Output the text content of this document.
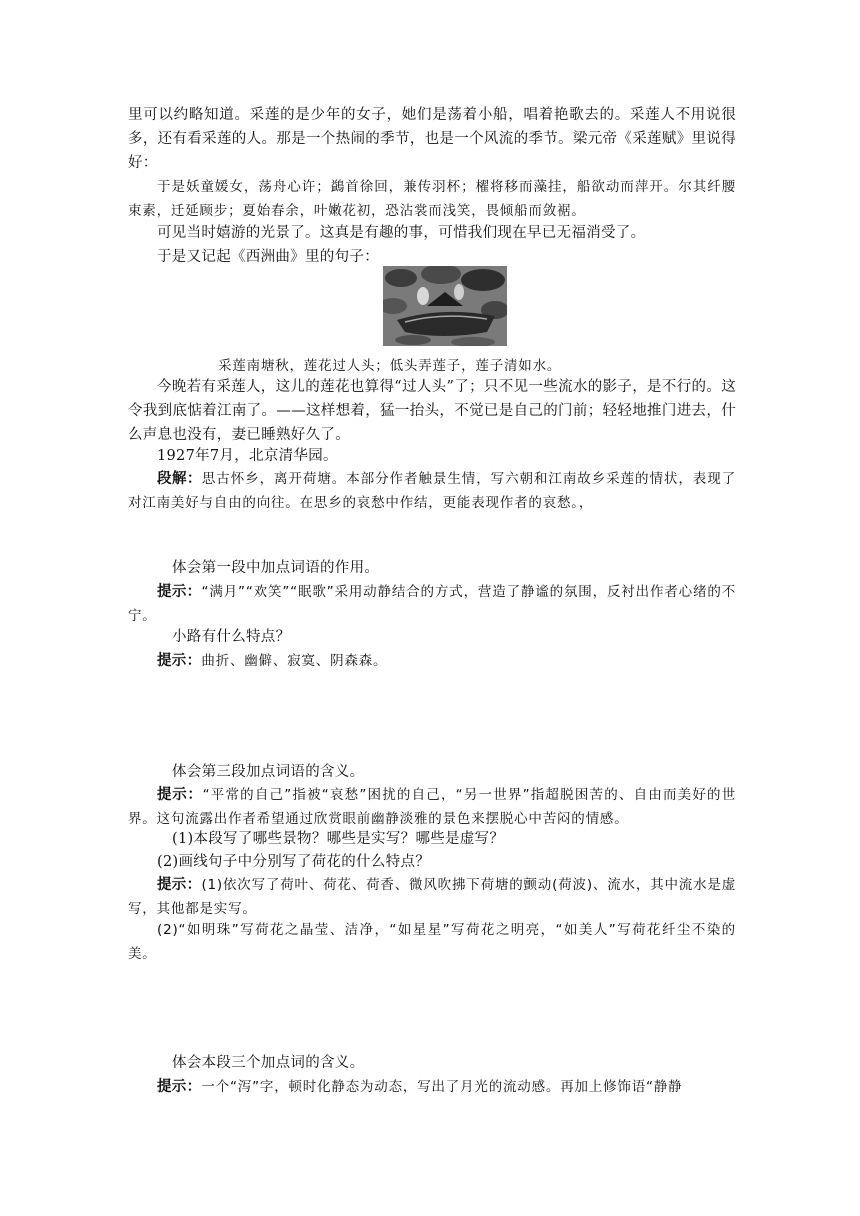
里可以约略知道。采莲的是少年的女子，她们是荡着小船，唱着艳歌去的。采莲人不用说很多，还有看采莲的人。那是一个热闹的季节，也是一个风流的季节。梁元帝《采莲赋》里说得好：

于是妖童媛女，荡舟心许；鷁首徐回，兼传羽杯；櫂将移而藻挂，船欲动而萍开。尔其纤腰束素，迁延顾步；夏始春余，叶嫩花初，恐沾裳而浅笑，畏倾船而敛裾。

可见当时嬉游的光景了。这真是有趣的事，可惜我们现在早已无福消受了。

于是又记起《西洲曲》里的句子：

采莲南塘秋，莲花过人头；低头弄莲子，莲子清如水。

今晚若有采莲人，这儿的莲花也算得“过人头”了；只不见一些流水的影子，是不行的。这令我到底惦着江南了。——这样想着，猛一抬头，不觉已是自己的门前；轻轻地推门进去，什么声息也没有，妻已睡熟好久了。

1927年7月，北京清华园。

段解：思古怀乡，离开荷塘。本部分作者触景生情，写六朝和江南故乡采莲的情状，表现了对江南美好与自由的向往。在思乡的哀愁中作结，更能表现作者的哀愁。，

体会第一段中加点词语的作用。

提示：“满月”“欢笑”“眠歌”采用动静结合的方式，营造了静谧的氛围，反衬出作者心绪的不宁。

小路有什么特点？

提示：曲折、幽僻、寂寞、阴森森。

体会第三段加点词语的含义。

提示：“平常的自己”指被“哀愁”困扰的自己，“另一世界”指超脱困苦的、自由而美好的世界。这句流露出作者希望通过欣赏眼前幽静淡雅的景色来摆脱心中苦闷的情感。

(1)本段写了哪些景物？哪些是实写？哪些是虚写？

(2)画线句子中分别写了荷花的什么特点？

提示：(1)依次写了荷叶、荷花、荷香、微风吹拂下荷塘的颤动(荷波)、流水，其中流水是虚写，其他都是实写。

(2)“如明珠”写荷花之晶莹、洁净，“如星星”写荷花之明亮，“如美人”写荷花纤尘不染的美。

体会本段三个加点词的含义。

提示：一个“泻”字，顿时化静态为动态，写出了月光的流动感。再加上修饰语“静静
